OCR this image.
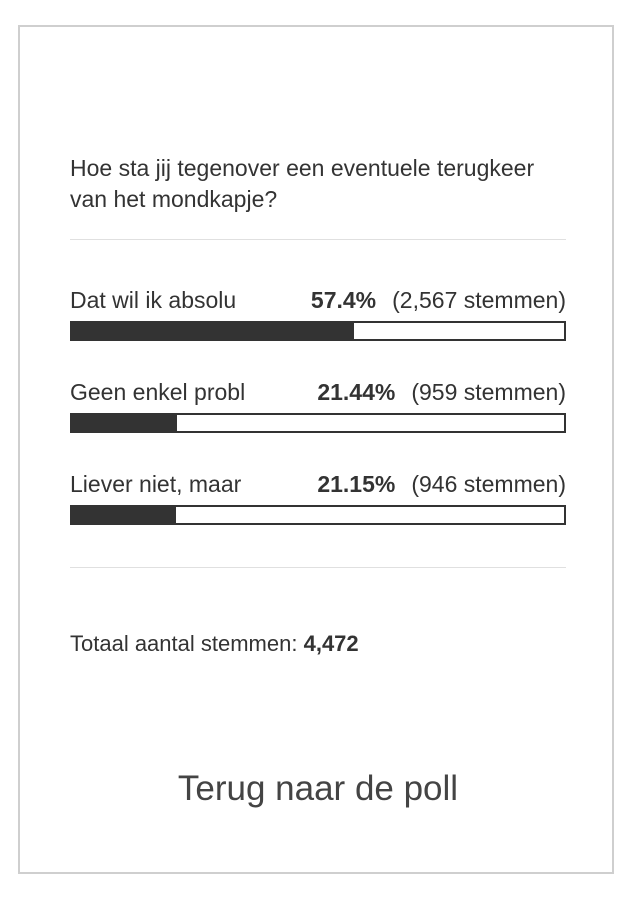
Hoe sta jij tegenover een eventuele terugkeer van het mondkapje?
Dat wil ik absolu	57.4% (2,567 stemmen)
Geen enkel probl	21.44% (959 stemmen)
Liever niet, maar	21.15% (946 stemmen)
Totaal aantal stemmen: 4,472
Terug naar de poll
